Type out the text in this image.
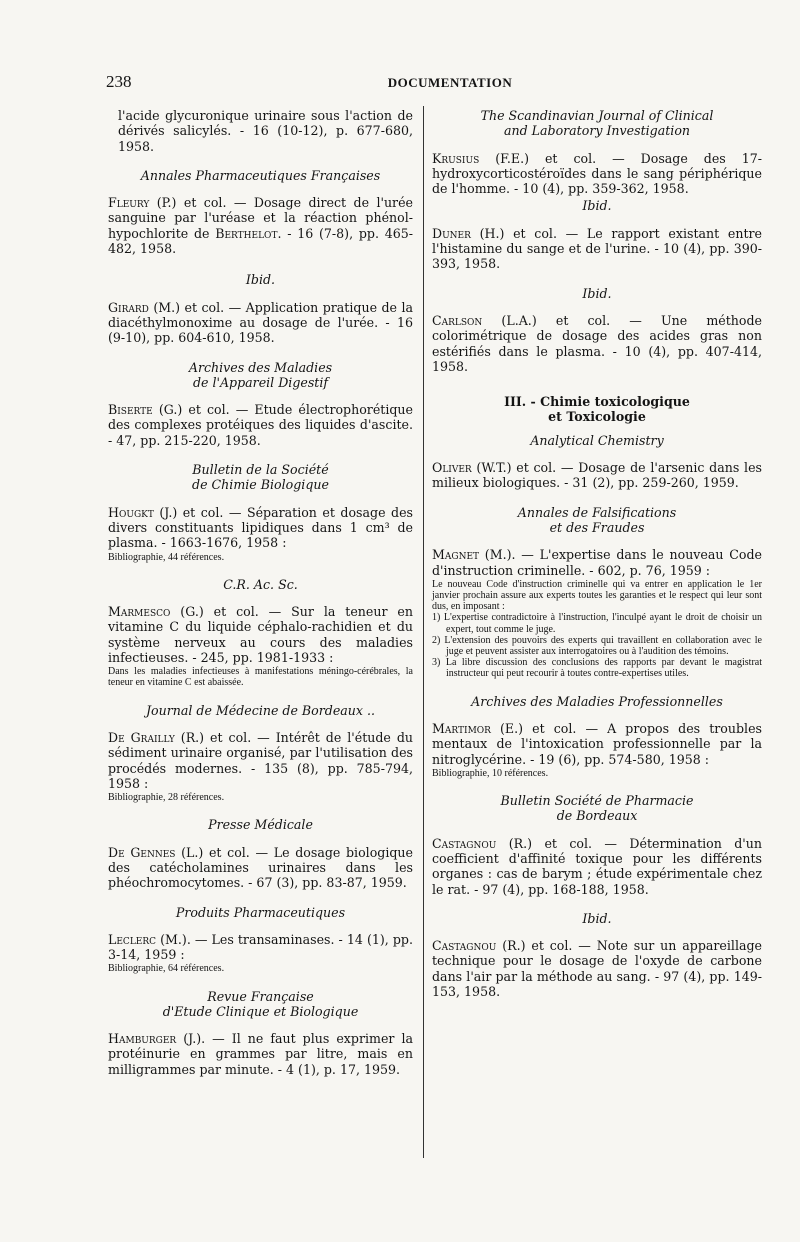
238	DOCUMENTATION

l'acide glycuronique urinaire sous l'action de dérivés salicylés. - 16 (10-12), p. 677-680, 1958.

Annales Pharmaceutiques Françaises

Fleury (P.) et col. — Dosage direct de l'urée sanguine par l'uréase et la réaction phénol-hypochlorite de Berthelot. - 16 (7-8), pp. 465-482, 1958.

Ibid.

Girard (M.) et col. — Application pratique de la diacéthylmonoxime au dosage de l'urée. - 16 (9-10), pp. 604-610, 1958.

Archives des Maladies
de l'Appareil Digestif

Biserte (G.) et col. — Etude électrophorétique des complexes protéiques des liquides d'ascite. - 47, pp. 215-220, 1958.

Bulletin de la Société
de Chimie Biologique

Hougkt (J.) et col. — Séparation et dosage des divers constituants lipidiques dans 1 cm³ de plasma. - 1663-1676, 1958 :

Bibliographie, 44 références.
C.R. Ac. Sc.

Marmesco (G.) et col. — Sur la teneur en vitamine C du liquide céphalo-rachidien et du système nerveux au cours des maladies infectieuses. - 245, pp. 1981-1933 :

Dans les maladies infectieuses à manifestations méningo-cérébrales, la teneur en vitamine C est abaissée.
Journal de Médecine de Bordeaux ..

De Grailly (R.) et col. — Intérêt de l'étude du sédiment urinaire organisé, par l'utilisation des procédés modernes. - 135 (8), pp. 785-794, 1958 :

Bibliographie, 28 références.
Presse Médicale

De Gennes (L.) et col. — Le dosage biologique des catécholamines urinaires dans les phéochromocytomes. - 67 (3), pp. 83-87, 1959.

Produits Pharmaceutiques

Leclerc (M.). — Les transaminases. - 14 (1), pp. 3-14, 1959 :

Bibliographie, 64 références.
Revue Française
d'Etude Clinique et Biologique

Hamburger (J.). — Il ne faut plus exprimer la protéinurie en grammes par litre, mais en milligrammes par minute. - 4 (1), p. 17, 1959.

The Scandinavian Journal of Clinical
and Laboratory Investigation

Krusius (F.E.) et col. — Dosage des 17-hydroxycorticostéroïdes dans le sang périphérique de l'homme. - 10 (4), pp. 359-362, 1958.

Ibid.

Duner (H.) et col. — Le rapport existant entre l'histamine du sange et de l'urine. - 10 (4), pp. 390-393, 1958.

Ibid.

Carlson (L.A.) et col. — Une méthode colorimétrique de dosage des acides gras non estérifiés dans le plasma. - 10 (4), pp. 407-414, 1958.

III. - Chimie toxicologique
et Toxicologie
Analytical Chemistry

Oliver (W.T.) et col. — Dosage de l'arsenic dans les milieux biologiques. - 31 (2), pp. 259-260, 1959.

Annales de Falsifications
et des Fraudes

Magnet (M.). — L'expertise dans le nouveau Code d'instruction criminelle. - 602, p. 76, 1959 :

Le nouveau Code d'instruction criminelle qui va entrer en application le 1er janvier prochain assure aux experts toutes les garanties et le respect qui leur sont dus, en imposant :
1) L'expertise contradictoire à l'instruction, l'inculpé ayant le droit de choisir un expert, tout comme le juge.
2) L'extension des pouvoirs des experts qui travaillent en collaboration avec le juge et peuvent assister aux interrogatoires ou à l'audition des témoins.
3) La libre discussion des conclusions des rapports par devant le magistrat instructeur qui peut recourir à toutes contre-expertises utiles.
Archives des Maladies Professionnelles

Martimor (E.) et col. — A propos des troubles mentaux de l'intoxication professionnelle par la nitroglycérine. - 19 (6), pp. 574-580, 1958 :

Bibliographie, 10 références.
Bulletin Société de Pharmacie
de Bordeaux

Castagnou (R.) et col. — Détermination d'un coefficient d'affinité toxique pour les différents organes : cas de barym ; étude expérimentale chez le rat. - 97 (4), pp. 168-188, 1958.

Ibid.

Castagnou (R.) et col. — Note sur un appareillage technique pour le dosage de l'oxyde de carbone dans l'air par la méthode au sang. - 97 (4), pp. 149-153, 1958.
